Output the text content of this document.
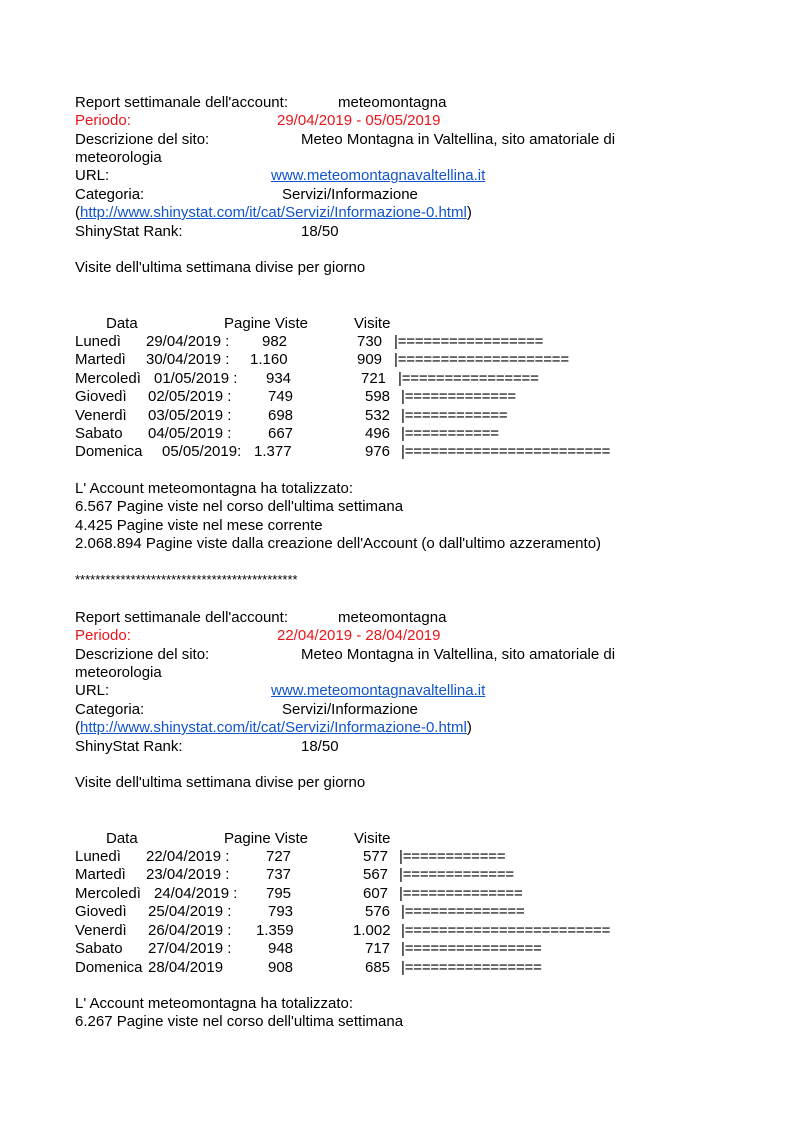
Report settimanale dell'account:	meteomontagna
Periodo:	29/04/2019 - 05/05/2019
Descrizione del sito:	Meteo Montagna in Valtellina, sito amatoriale di
meteorologia
URL:	www.meteomontagnavaltellina.it
Categoria:	Servizi/Informazione
(http://www.shinystat.com/it/cat/Servizi/Informazione-0.html)
ShinyStat Rank:	18/50
Visite dell'ultima settimana divise per giorno
Data	Pagine Viste	Visite
Lunedì 29/04/2019 : 982	730 |=================
Martedì 30/04/2019 : 1.160	909 |====================
Mercoledì 01/05/2019 : 934	721 |================
Giovedì 02/05/2019 : 749	598 |=============
Venerdì 03/05/2019 : 698	532 |============
Sabato 04/05/2019 : 667	496 |===========
Domenica 05/05/2019: 1.377	976 |========================
L' Account meteomontagna ha totalizzato:
6.567 Pagine viste nel corso dell'ultima settimana
4.425 Pagine viste nel mese corrente
2.068.894 Pagine viste dalla creazione dell'Account (o dall'ultimo azzeramento)
********************************************
Report settimanale dell'account:	meteomontagna
Periodo:	22/04/2019 - 28/04/2019
Descrizione del sito:	Meteo Montagna in Valtellina, sito amatoriale di
meteorologia
URL:	www.meteomontagnavaltellina.it
Categoria:	Servizi/Informazione
(http://www.shinystat.com/it/cat/Servizi/Informazione-0.html)
ShinyStat Rank:	18/50
Visite dell'ultima settimana divise per giorno
Data	Pagine Viste	Visite
Lunedì 22/04/2019 : 727	577 |============
Martedì 23/04/2019 : 737	567 |=============
Mercoledì 24/04/2019 : 795	607 |==============
Giovedì 25/04/2019 : 793	576 |==============
Venerdì 26/04/2019 : 1.359	1.002 |========================
Sabato 27/04/2019 : 948	717 |================
Domenica 28/04/2019	908	685 |================
L' Account meteomontagna ha totalizzato:
6.267 Pagine viste nel corso dell'ultima settimana
